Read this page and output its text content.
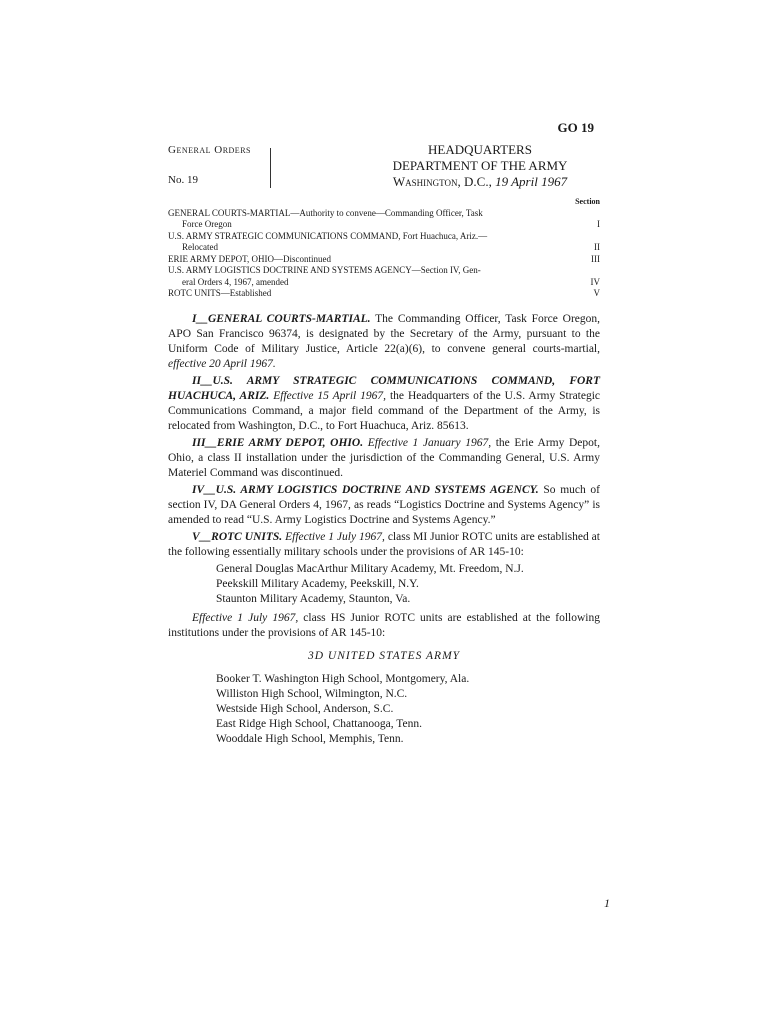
GO 19
General Orders
No. 19
HEADQUARTERS
DEPARTMENT OF THE ARMY
Washington, D.C., 19 April 1967
Section
GENERAL COURTS-MARTIAL—Authority to convene—Commanding Officer, Task
Force Oregon	I
U.S. ARMY STRATEGIC COMMUNICATIONS COMMAND, Fort Huachuca, Ariz.—
Relocated	II
ERIE ARMY DEPOT, OHIO—Discontinued	III
U.S. ARMY LOGISTICS DOCTRINE AND SYSTEMS AGENCY—Section IV, Gen-
eral Orders 4, 1967, amended	IV
ROTC UNITS—Established	V

I__GENERAL COURTS-MARTIAL. The Commanding Officer, Task Force Oregon, APO San Francisco 96374, is designated by the Secretary of the Army, pursuant to the Uniform Code of Military Justice, Article 22(a)(6), to convene general courts-martial, effective 20 April 1967.

II__U.S. ARMY STRATEGIC COMMUNICATIONS COMMAND, FORT HUACHUCA, ARIZ. Effective 15 April 1967, the Headquarters of the U.S. Army Strategic Communications Command, a major field command of the Department of the Army, is relocated from Washington, D.C., to Fort Huachuca, Ariz. 85613.

III__ERIE ARMY DEPOT, OHIO. Effective 1 January 1967, the Erie Army Depot, Ohio, a class II installation under the jurisdiction of the Commanding General, U.S. Army Materiel Command was discontinued.

IV__U.S. ARMY LOGISTICS DOCTRINE AND SYSTEMS AGENCY. So much of section IV, DA General Orders 4, 1967, as reads “Logistics Doctrine and Systems Agency” is amended to read “U.S. Army Logistics Doctrine and Systems Agency.”

V__ROTC UNITS. Effective 1 July 1967, class MI Junior ROTC units are established at the following essentially military schools under the provisions of AR 145-10:

General Douglas MacArthur Military Academy, Mt. Freedom, N.J.
Peekskill Military Academy, Peekskill, N.Y.
Staunton Military Academy, Staunton, Va.

Effective 1 July 1967, class HS Junior ROTC units are established at the following institutions under the provisions of AR 145-10:

3D UNITED STATES ARMY
Booker T. Washington High School, Montgomery, Ala.
Williston High School, Wilmington, N.C.
Westside High School, Anderson, S.C.
East Ridge High School, Chattanooga, Tenn.
Wooddale High School, Memphis, Tenn.
1
